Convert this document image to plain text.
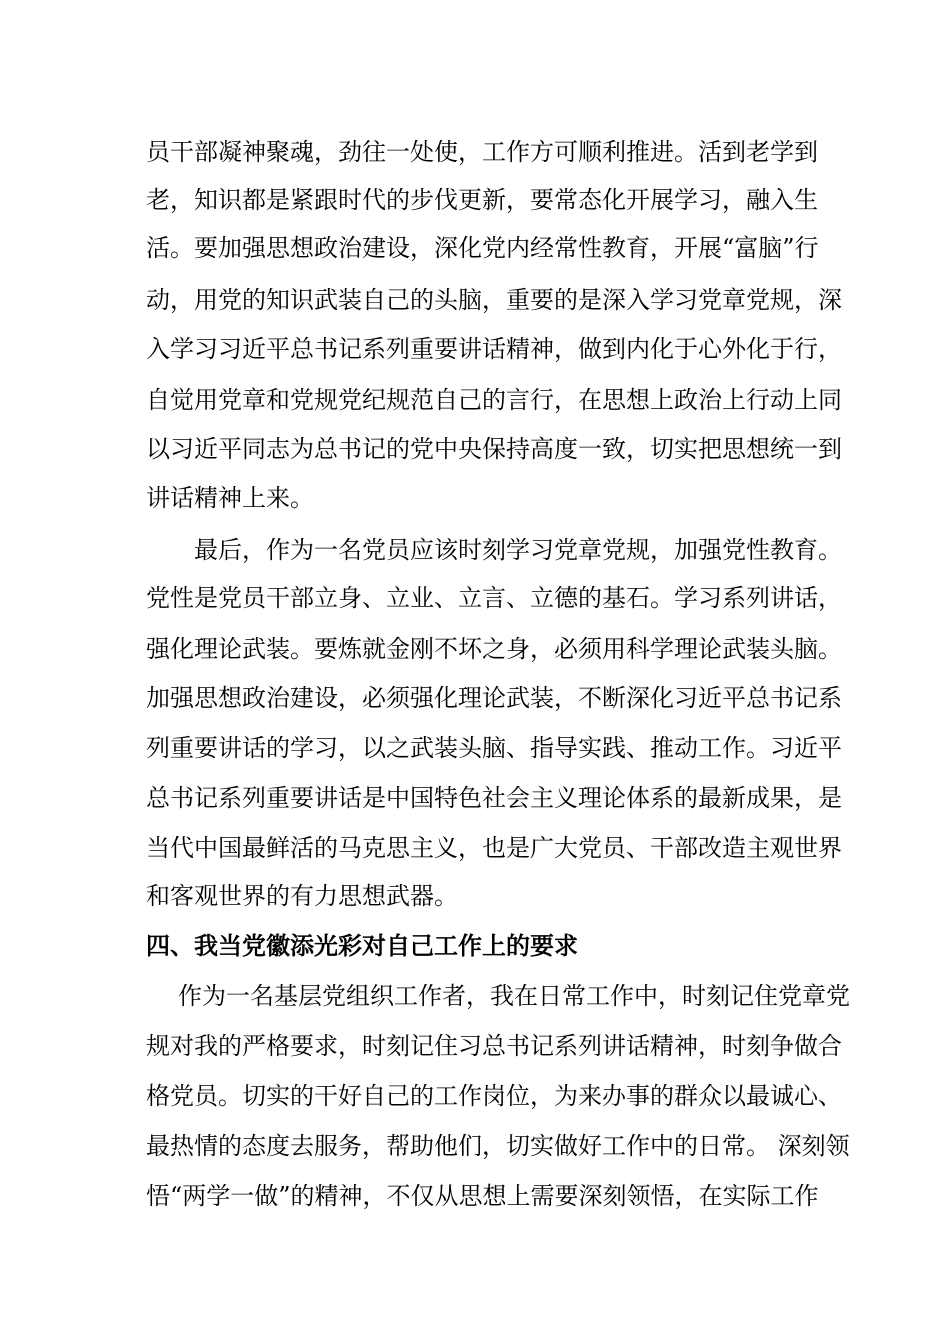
员干部凝神聚魂，劲往一处使，工作方可顺利推进。活到老学到
老，知识都是紧跟时代的步伐更新，要常态化开展学习，融入生
活。要加强思想政治建设，深化党内经常性教育，开展“富脑”行
动，用党的知识武装自己的头脑，重要的是深入学习党章党规，深
入学习习近平总书记系列重要讲话精神，做到内化于心外化于行，
自觉用党章和党规党纪规范自己的言行，在思想上政治上行动上同
以习近平同志为总书记的党中央保持高度一致，切实把思想统一到
讲话精神上来。
最后，作为一名党员应该时刻学习党章党规，加强党性教育。
党性是党员干部立身、立业、立言、立德的基石。学习系列讲话，
强化理论武装。要炼就金刚不坏之身，必须用科学理论武装头脑。
加强思想政治建设，必须强化理论武装，不断深化习近平总书记系
列重要讲话的学习，以之武装头脑、指导实践、推动工作。习近平
总书记系列重要讲话是中国特色社会主义理论体系的最新成果，是
当代中国最鲜活的马克思主义，也是广大党员、干部改造主观世界
和客观世界的有力思想武器。
四、我当党徽添光彩对自己工作上的要求
作为一名基层党组织工作者，我在日常工作中，时刻记住党章党
规对我的严格要求，时刻记住习总书记系列讲话精神，时刻争做合
格党员。切实的干好自己的工作岗位，为来办事的群众以最诚心、
最热情的态度去服务，帮助他们，切实做好工作中的日常。 深刻领
悟“两学一做”的精神，不仅从思想上需要深刻领悟，在实际工作
